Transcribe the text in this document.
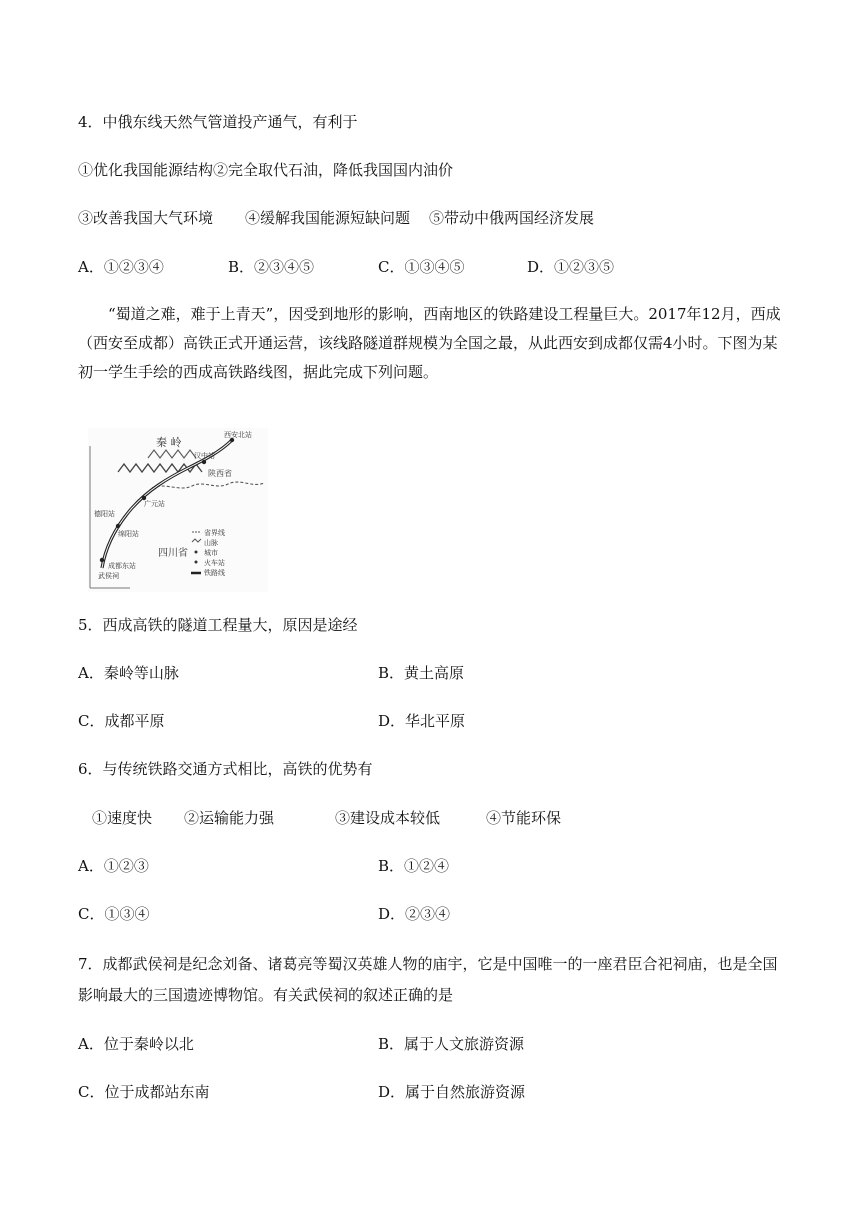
4．中俄东线天然气管道投产通气，有利于
①优化我国能源结构②完全取代石油，降低我国国内油价
③改善我国大气环境 ④缓解我国能源短缺问题 ⑤带动中俄两国经济发展
A．①②③④	B．②③④⑤	C．①③④⑤	D．①②③⑤
“蜀道之难，难于上青天”，因受到地形的影响，西南地区的铁路建设工程量巨大。2017年12月，西成（西安至成都）高铁正式开通运营，该线路隧道群规模为全国之最，从此西安到成都仅需4小时。下图为某初一学生手绘的西成高铁路线图，据此完成下列问题。
秦 岭
西安北站
陕西省
汉中站
广元站
德阳站
绵阳站
成都东站
武侯祠
四川省
省界线
山脉
城市
火车站
铁路线
5．西成高铁的隧道工程量大，原因是途经
A．秦岭等山脉	B．黄土高原
C．成都平原	D．华北平原
6．与传统铁路交通方式相比，高铁的优势有
①速度快 ②运输能力强	③建设成本较低	④节能环保
A．①②③	B．①②④
C．①③④	D．②③④
7．成都武侯祠是纪念刘备、诸葛亮等蜀汉英雄人物的庙宇，它是中国唯一的一座君臣合祀祠庙，也是全国
影响最大的三国遗迹博物馆。有关武侯祠的叙述正确的是
A．位于秦岭以北	B．属于人文旅游资源
C．位于成都站东南	D．属于自然旅游资源
